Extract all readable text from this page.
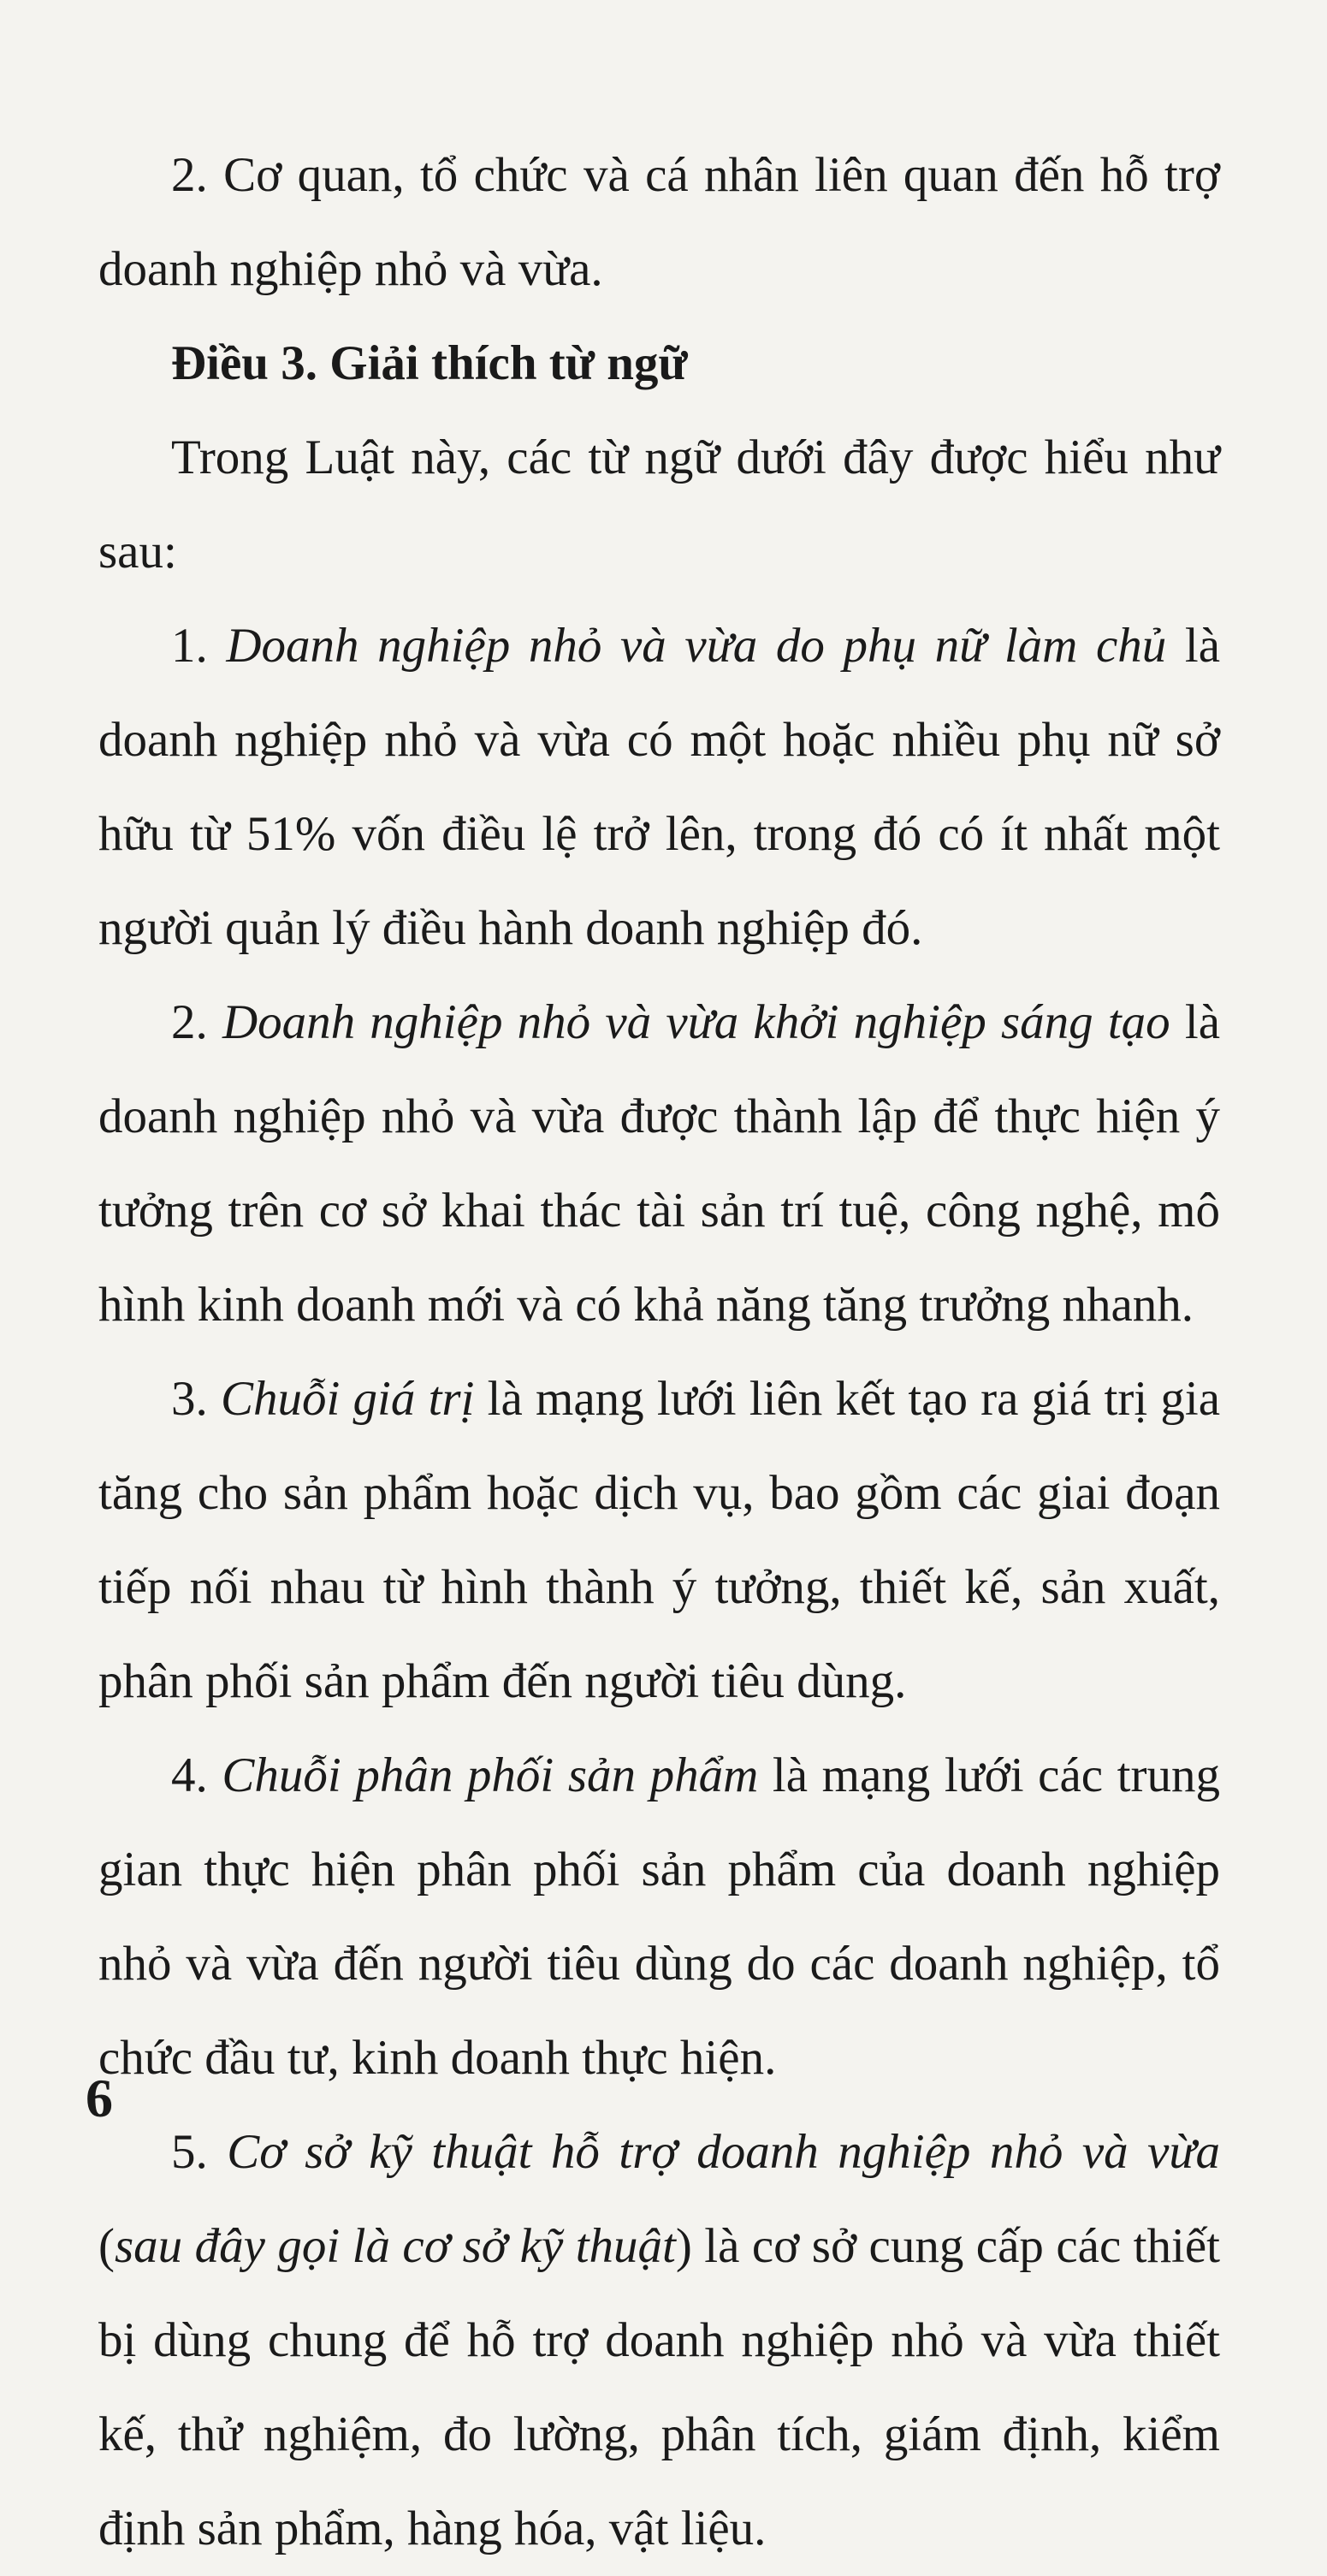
2. Cơ quan, tổ chức và cá nhân liên quan đến hỗ trợ doanh nghiệp nhỏ và vừa.

Điều 3. Giải thích từ ngữ

Trong Luật này, các từ ngữ dưới đây được hiểu như sau:

1. Doanh nghiệp nhỏ và vừa do phụ nữ làm chủ là doanh nghiệp nhỏ và vừa có một hoặc nhiều phụ nữ sở hữu từ 51% vốn điều lệ trở lên, trong đó có ít nhất một người quản lý điều hành doanh nghiệp đó.

2. Doanh nghiệp nhỏ và vừa khởi nghiệp sáng tạo là doanh nghiệp nhỏ và vừa được thành lập để thực hiện ý tưởng trên cơ sở khai thác tài sản trí tuệ, công nghệ, mô hình kinh doanh mới và có khả năng tăng trưởng nhanh.

3. Chuỗi giá trị là mạng lưới liên kết tạo ra giá trị gia tăng cho sản phẩm hoặc dịch vụ, bao gồm các giai đoạn tiếp nối nhau từ hình thành ý tưởng, thiết kế, sản xuất, phân phối sản phẩm đến người tiêu dùng.

4. Chuỗi phân phối sản phẩm là mạng lưới các trung gian thực hiện phân phối sản phẩm của doanh nghiệp nhỏ và vừa đến người tiêu dùng do các doanh nghiệp, tổ chức đầu tư, kinh doanh thực hiện.

5. Cơ sở kỹ thuật hỗ trợ doanh nghiệp nhỏ và vừa (sau đây gọi là cơ sở kỹ thuật) là cơ sở cung cấp các thiết bị dùng chung để hỗ trợ doanh nghiệp nhỏ và vừa thiết kế, thử nghiệm, đo lường, phân tích, giám định, kiểm định sản phẩm, hàng hóa, vật liệu.

6
